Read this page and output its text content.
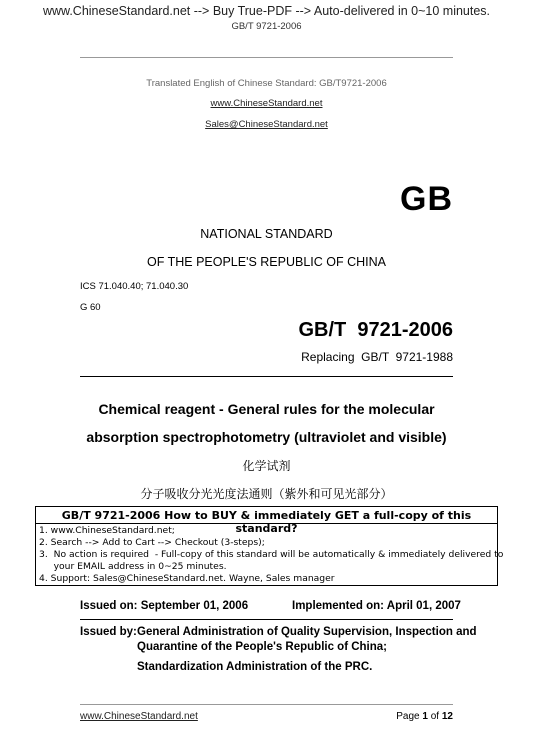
www.ChineseStandard.net --> Buy True-PDF --> Auto-delivered in 0~10 minutes.
GB/T 9721-2006
Translated English of Chinese Standard: GB/T9721-2006
www.ChineseStandard.net
Sales@ChineseStandard.net
GB
NATIONAL STANDARD
OF THE PEOPLE'S REPUBLIC OF CHINA
ICS 71.040.40; 71.040.30
G 60
GB/T  9721-2006
Replacing  GB/T  9721-1988
Chemical reagent - General rules for the molecular
absorption spectrophotometry (ultraviolet and visible)
化学试剂
分子吸收分光光度法通则（紫外和可见光部分）
GB/T 9721-2006 How to BUY & immediately GET a full-copy of this standard?
1. www.ChineseStandard.net;
2. Search --> Add to Cart --> Checkout (3-steps);
3.  No action is required  - Full-copy of this standard will be automatically & immediately delivered to
your EMAIL address in 0~25 minutes.
4. Support: Sales@ChineseStandard.net. Wayne, Sales manager
Issued on: September 01, 2006	Implemented on: April 01, 2007
Issued by: General Administration of Quality Supervision, Inspection and
Quarantine of the People's Republic of China;
Standardization Administration of the PRC.
www.ChineseStandard.net	Page 1 of 12
